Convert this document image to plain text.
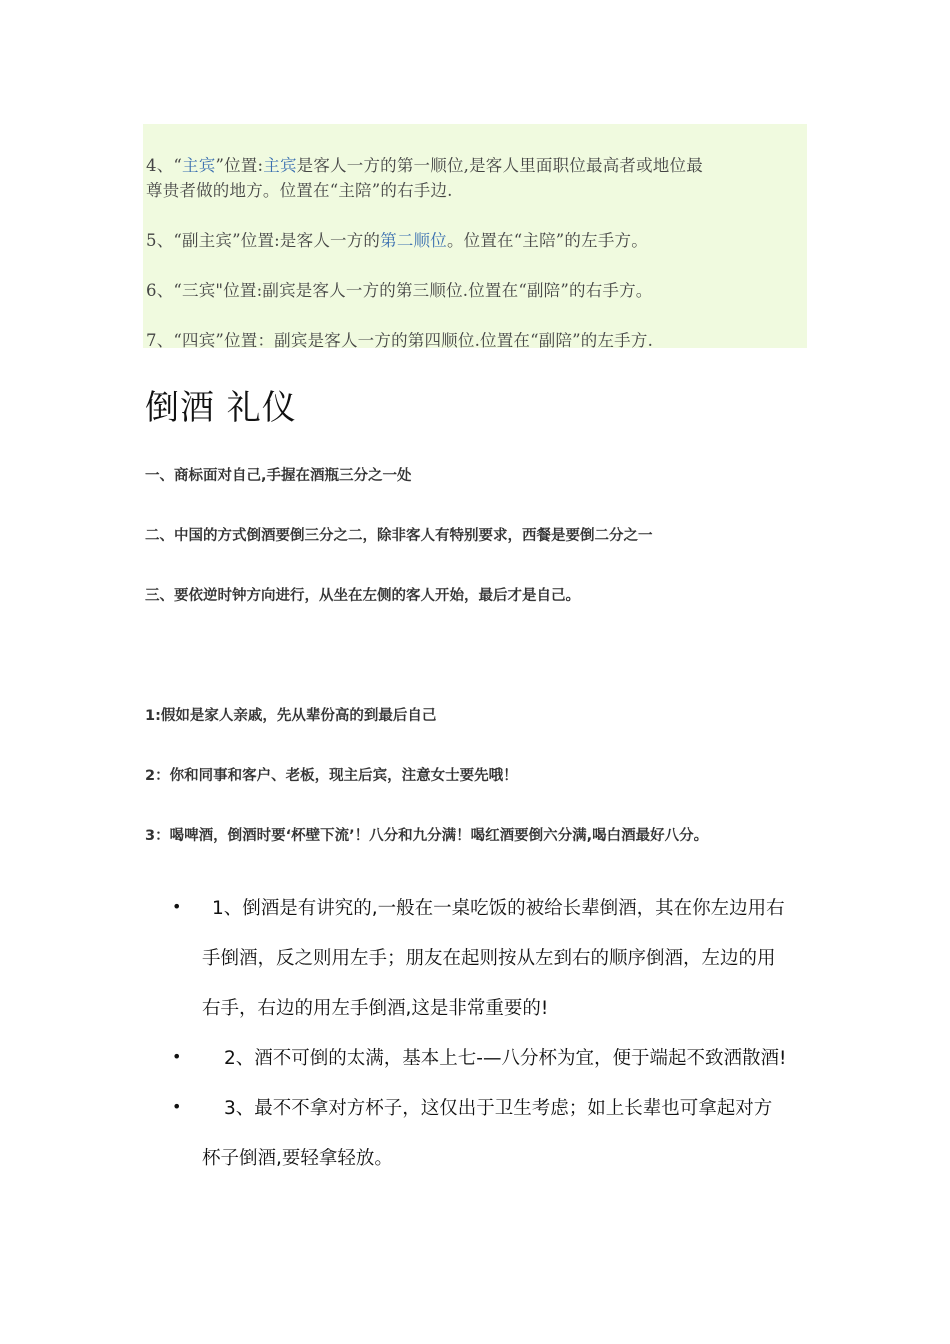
4、“主宾”位置:主宾是客人一方的第一顺位,是客人里面职位最高者或地位最
尊贵者做的地方。位置在“主陪”的右手边.
5、“副主宾”位置:是客人一方的第二顺位。位置在“主陪”的左手方。
6、“三宾"位置:副宾是客人一方的第三顺位.位置在“副陪”的右手方。
7、“四宾”位置：副宾是客人一方的第四顺位.位置在“副陪”的左手方.
倒酒 礼仪
一、商标面对自己,手握在酒瓶三分之一处
二、中国的方式倒酒要倒三分之二，除非客人有特别要求，西餐是要倒二分之一
三、要依逆时钟方向进行，从坐在左侧的客人开始，最后才是自己。
1:假如是家人亲戚，先从辈份高的到最后自己
2：你和同事和客户、老板，现主后宾，注意女士要先哦！
3：喝啤酒，倒酒时要‘杯壁下流’！八分和九分满！喝红酒要倒六分满,喝白酒最好八分。
• 1、倒酒是有讲究的,一般在一桌吃饭的被给长辈倒酒，其在你左边用右
手倒酒，反之则用左手；朋友在起则按从左到右的顺序倒酒，左边的用
右手，右边的用左手倒酒,这是非常重要的!
• 2、酒不可倒的太满，基本上七-—八分杯为宜，便于端起不致洒散酒!
• 3、最不不拿对方杯子，这仅出于卫生考虑；如上长辈也可拿起对方
杯子倒酒,要轻拿轻放。
